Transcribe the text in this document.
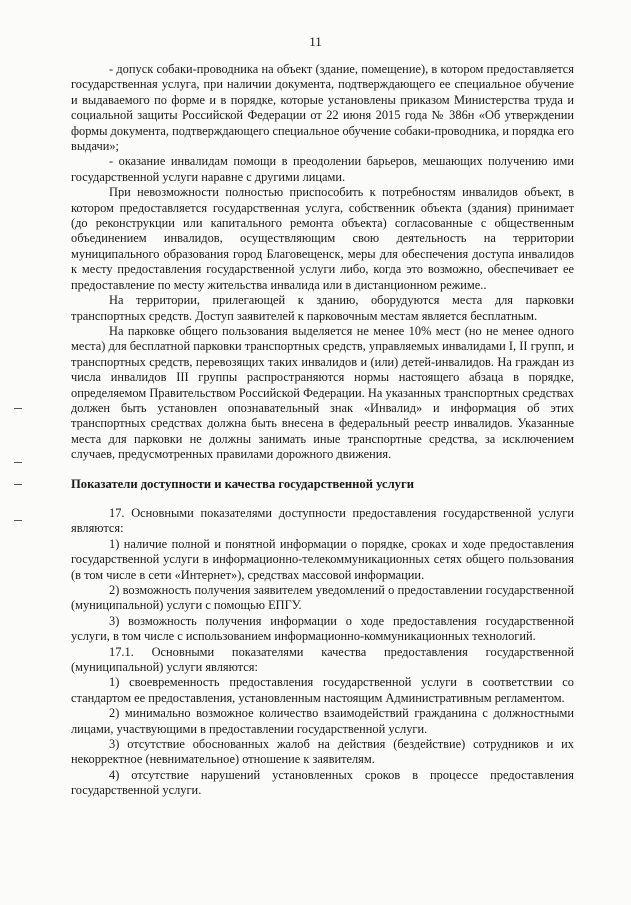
11

- допуск собаки-проводника на объект (здание, помещение), в котором предоставляется государственная услуга, при наличии документа, подтверждающего ее специальное обучение и выдаваемого по форме и в порядке, которые установлены приказом Министерства труда и социальной защиты Российской Федерации от 22 июня 2015 года № 386н «Об утверждении формы документа, подтверждающего специальное обучение собаки-проводника, и порядка его выдачи»;

- оказание инвалидам помощи в преодолении барьеров, мешающих получению ими государственной услуги наравне с другими лицами.

При невозможности полностью приспособить к потребностям инвалидов объект, в котором предоставляется государственная услуга, собственник объекта (здания) принимает (до реконструкции или капитального ремонта объекта) согласованные с общественным объединением инвалидов, осуществляющим свою деятельность на территории муниципального образования город Благовещенск, меры для обеспечения доступа инвалидов к месту предоставления государственной услуги либо, когда это возможно, обеспечивает ее предоставление по месту жительства инвалида или в дистанционном режиме..

На территории, прилегающей к зданию, оборудуются места для парковки транспортных средств. Доступ заявителей к парковочным местам является бесплатным.

На парковке общего пользования выделяется не менее 10% мест (но не менее одного места) для бесплатной парковки транспортных средств, управляемых инвалидами I, II групп, и транспортных средств, перевозящих таких инвалидов и (или) детей-инвалидов. На граждан из числа инвалидов III группы распространяются нормы настоящего абзаца в порядке, определяемом Правительством Российской Федерации. На указанных транспортных средствах должен быть установлен опознавательный знак «Инвалид» и информация об этих транспортных средствах должна быть внесена в федеральный реестр инвалидов. Указанные места для парковки не должны занимать иные транспортные средства, за исключением случаев, предусмотренных правилами дорожного движения.

Показатели доступности и качества государственной услуги

17. Основными показателями доступности предоставления государственной услуги являются:

1) наличие полной и понятной информации о порядке, сроках и ходе предоставления государственной услуги в информационно-телекоммуникационных сетях общего пользования (в том числе в сети «Интернет»), средствах массовой информации.

2) возможность получения заявителем уведомлений о предоставлении государственной (муниципальной) услуги с помощью ЕПГУ.

3) возможность получения информации о ходе предоставления государственной услуги, в том числе с использованием информационно-коммуникационных технологий.

17.1. Основными показателями качества предоставления государственной (муниципальной) услуги являются:

1) своевременность предоставления государственной услуги в соответствии со стандартом ее предоставления, установленным настоящим Административным регламентом.

2) минимально возможное количество взаимодействий гражданина с должностными лицами, участвующими в предоставлении государственной услуги.

3) отсутствие обоснованных жалоб на действия (бездействие) сотрудников и их некорректное (невнимательное) отношение к заявителям.

4) отсутствие нарушений установленных сроков в процессе предоставления государственной услуги.
